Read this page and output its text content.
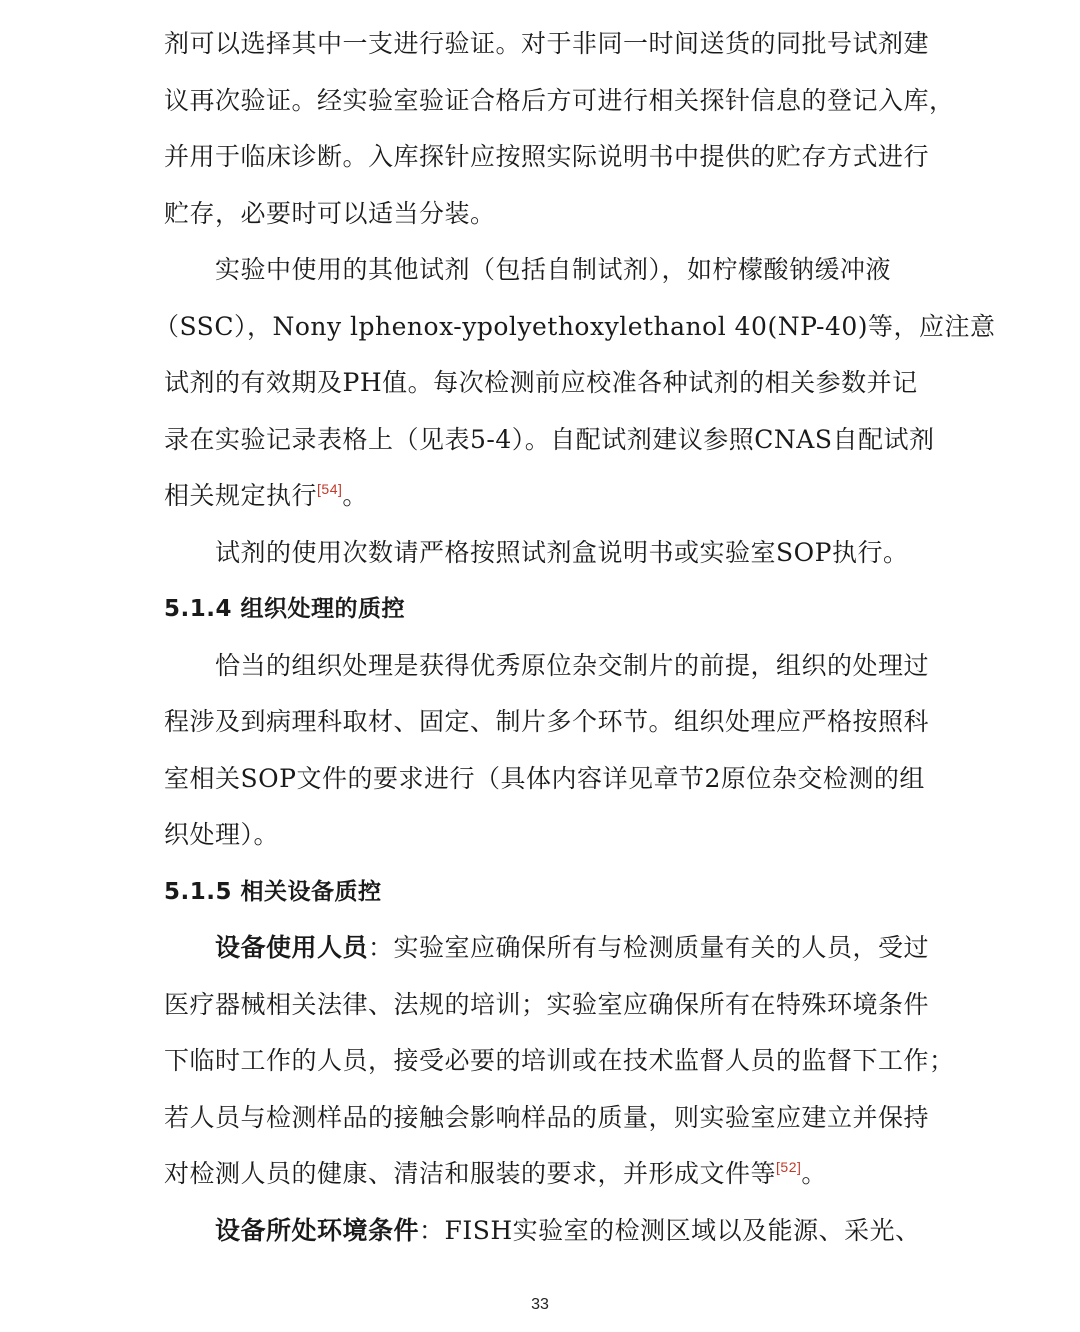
剂可以选择其中一支进行验证。对于非同一时间送货的同批号试剂建
议再次验证。经实验室验证合格后方可进行相关探针信息的登记入库，
并用于临床诊断。入库探针应按照实际说明书中提供的贮存方式进行
贮存，必要时可以适当分装。
实验中使用的其他试剂（包括自制试剂），如柠檬酸钠缓冲液
（SSC），Nony lphenox-ypolyethoxylethanol 40(NP-40)等，应注意
试剂的有效期及PH值。每次检测前应校准各种试剂的相关参数并记
录在实验记录表格上（见表5-4）。自配试剂建议参照CNAS自配试剂
相关规定执行[54]。
试剂的使用次数请严格按照试剂盒说明书或实验室SOP执行。
5.1.4 组织处理的质控
恰当的组织处理是获得优秀原位杂交制片的前提，组织的处理过
程涉及到病理科取材、固定、制片多个环节。组织处理应严格按照科
室相关SOP文件的要求进行（具体内容详见章节2原位杂交检测的组
织处理）。
5.1.5 相关设备质控
设备使用人员：实验室应确保所有与检测质量有关的人员，受过
医疗器械相关法律、法规的培训；实验室应确保所有在特殊环境条件
下临时工作的人员，接受必要的培训或在技术监督人员的监督下工作；
若人员与检测样品的接触会影响样品的质量，则实验室应建立并保持
对检测人员的健康、清洁和服装的要求，并形成文件等[52]。
设备所处环境条件：FISH实验室的检测区域以及能源、采光、
33
